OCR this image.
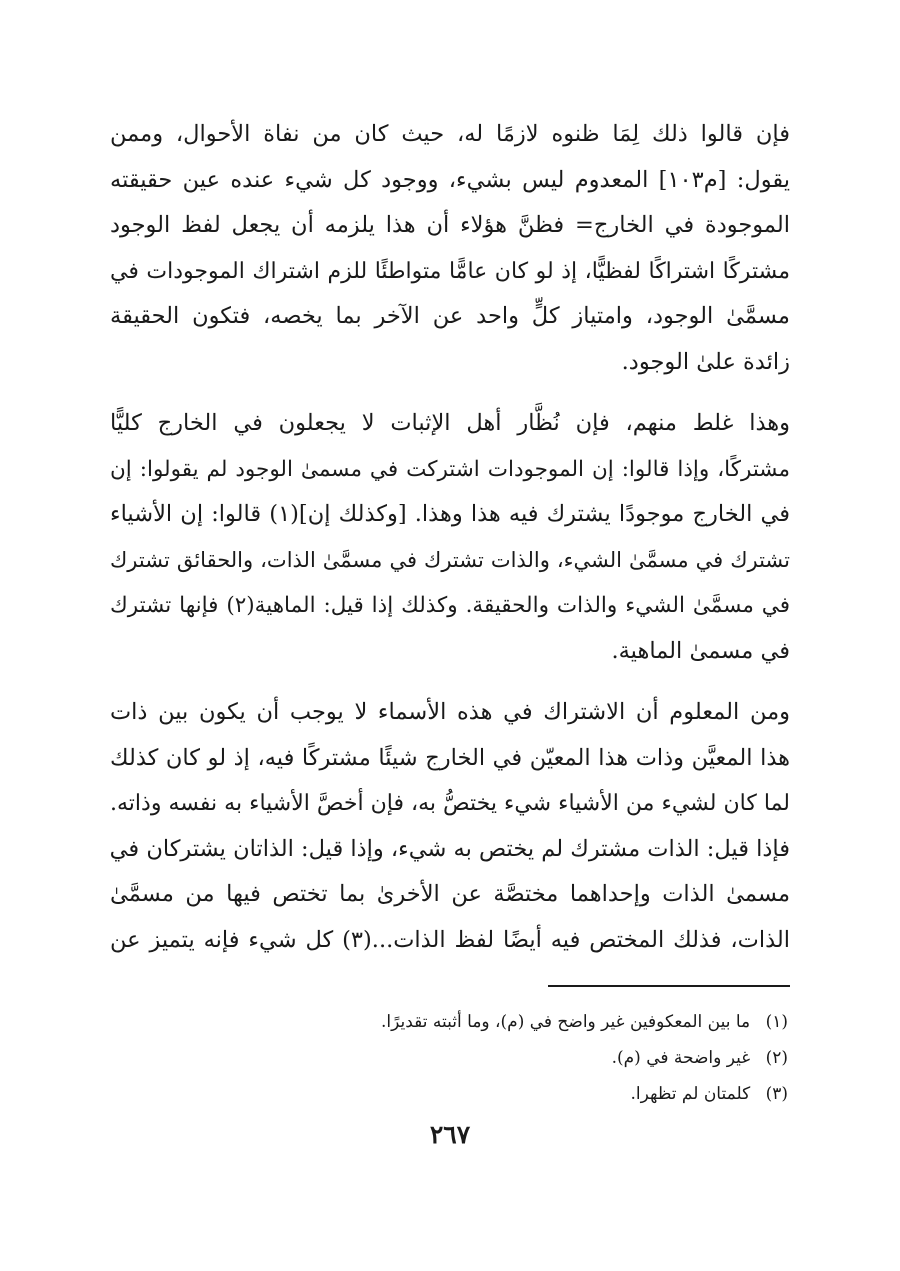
فإن قالوا ذلك لِمَا ظنوه لازمًا له، حيث كان من نفاة الأحوال، وممن
يقول: [م١٠٣] المعدوم ليس بشيء، ووجود كل شيء عنده عين حقيقته
الموجودة في الخارج= فظنَّ هؤلاء أن هذا يلزمه أن يجعل لفظ الوجود
مشتركًا اشتراكًا لفظيًّا، إذ لو كان عامًّا متواطئًا للزم اشتراك الموجودات في
مسمَّىٰ الوجود، وامتياز كلٍّ واحد عن الآخر بما يخصه، فتكون الحقيقة
زائدة علىٰ الوجود.

وهذا غلط منهم، فإن نُظَّار أهل الإثبات لا يجعلون في الخارج كليًّا
مشتركًا، وإذا قالوا: إن الموجودات اشتركت في مسمىٰ الوجود لم يقولوا: إن
في الخارج موجودًا يشترك فيه هذا وهذا. [وكذلك إن](١) قالوا: إن الأشياء
تشترك في مسمَّىٰ الشيء، والذات تشترك في مسمَّىٰ الذات، والحقائق تشترك
في مسمَّىٰ الشيء والذات والحقيقة. وكذلك إذا قيل: الماهية(٢) فإنها تشترك
في مسمىٰ الماهية.

ومن المعلوم أن الاشتراك في هذه الأسماء لا يوجب أن يكون بين ذات
هذا المعيَّن وذات هذا المعيّن في الخارج شيئًا مشتركًا فيه، إذ لو كان كذلك
لما كان لشيء من الأشياء شيء يختصُّ به، فإن أخصَّ الأشياء به نفسه وذاته.
فإذا قيل: الذات مشترك لم يختص به شيء، وإذا قيل: الذاتان يشتركان في
مسمىٰ الذات وإحداهما مختصَّة عن الأخرىٰ بما تختص فيها من مسمَّىٰ
الذات، فذلك المختص فيه أيضًا لفظ الذات...(٣) كل شيء فإنه يتميز عن

(١) ما بين المعكوفين غير واضح في (م)، وما أثبته تقديرًا.
(٢) غير واضحة في (م).
(٣) كلمتان لم تظهرا.
٢٦٧
